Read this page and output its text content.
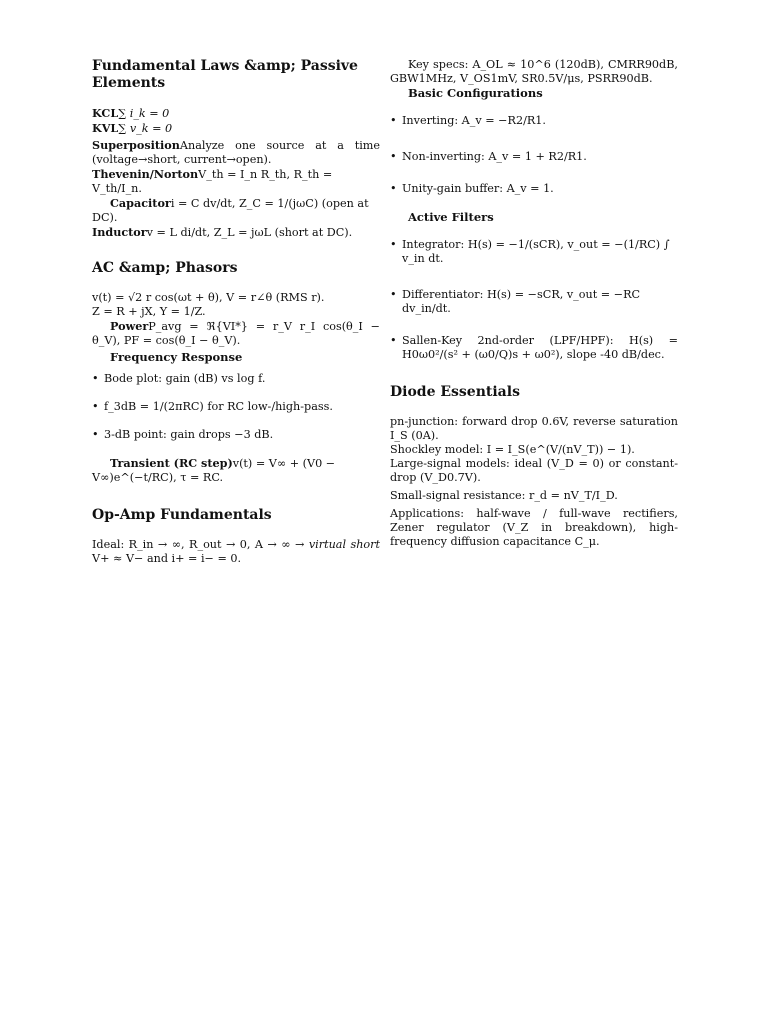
Fundamental Laws &amp; Passive Elements

KCL∑ i_k = 0

KVL∑ v_k = 0

SuperpositionAnalyze one source at a time (voltage→short, current→open).

Thevenin/NortonV_th = I_n R_th, R_th = V_th/I_n.

Capacitori = C dv/dt, Z_C = 1/(jωC) (open at DC).

Inductorv = L di/dt, Z_L = jωL (short at DC).

AC &amp; Phasors

v(t) = √2 r cos(ωt + θ), V = r∠θ (RMS r).

Z = R + jX, Y = 1/Z.

PowerP_avg = ℜ{VI*} = r_V r_I cos(θ_I − θ_V), PF = cos(θ_I − θ_V).

Frequency Response
• Bode plot: gain (dB) vs log f.
• f_3dB = 1/(2πRC) for RC low-/high-pass.
• 3-dB point: gain drops −3 dB.

Transient (RC step)v(t) = V∞ + (V0 − V∞)e^(−t/RC), τ = RC.

Op-Amp Fundamentals

Ideal: R_in → ∞, R_out → 0, A → ∞ → virtual short V+ ≈ V− and i+ = i− = 0.

Key specs: A_OL ≈ 10^6 (120dB), CMRR90dB, GBW1MHz, V_OS1mV, SR0.5V/μs, PSRR90dB.

Basic Configurations
• Inverting: A_v = −R2/R1.
• Non-inverting: A_v = 1 + R2/R1.
• Unity-gain buffer: A_v = 1.
Active Filters
• Integrator: H(s) = −1/(sCR), v_out = −(1/RC) ∫ v_in dt.
• Differentiator: H(s) = −sCR, v_out = −RC dv_in/dt.
• Sallen-Key 2nd-order (LPF/HPF): H(s) = H0ω0²/(s² + (ω0/Q)s + ω0²), slope -40 dB/dec.
Diode Essentials

pn-junction: forward drop 0.6V, reverse saturation I_S (0A).

Shockley model: I = I_S(e^(V/(nV_T)) − 1).

Large-signal models: ideal (V_D = 0) or constant-drop (V_D0.7V).

Small-signal resistance: r_d = nV_T/I_D.

Applications: half-wave / full-wave rectifiers, Zener regulator (V_Z in breakdown), high-frequency diffusion capacitance C_μ.
